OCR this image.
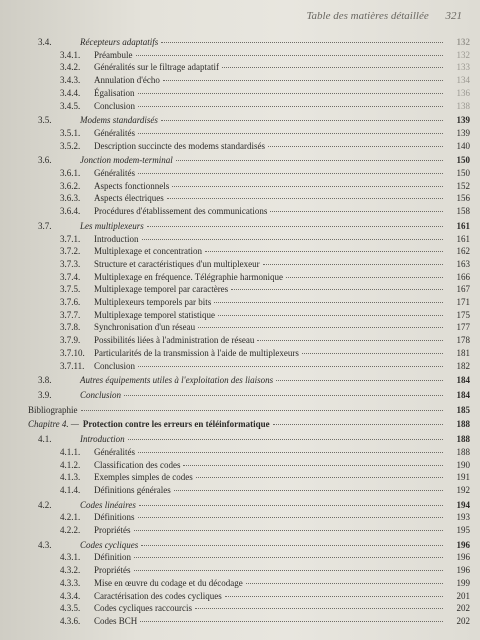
Table des matières détaillée 321
3.4.	Récepteurs adaptatifs	132
3.4.1.	Préambule	132
3.4.2.	Généralités sur le filtrage adaptatif	133
3.4.3.	Annulation d'écho	134
3.4.4.	Égalisation	136
3.4.5.	Conclusion	138
3.5.	Modems standardisés	139
3.5.1.	Généralités	139
3.5.2.	Description succincte des modems standardisés	140
3.6.	Jonction modem-terminal	150
3.6.1.	Généralités	150
3.6.2.	Aspects fonctionnels	152
3.6.3.	Aspects électriques	156
3.6.4.	Procédures d'établissement des communications	158
3.7.	Les multiplexeurs	161
3.7.1.	Introduction	161
3.7.2.	Multiplexage et concentration	162
3.7.3.	Structure et caractéristiques d'un multiplexeur	163
3.7.4.	Multiplexage en fréquence. Télégraphie harmonique	166
3.7.5.	Multiplexage temporel par caractères	167
3.7.6.	Multiplexeurs temporels par bits	171
3.7.7.	Multiplexage temporel statistique	175
3.7.8.	Synchronisation d'un réseau	177
3.7.9.	Possibilités liées à l'administration de réseau	178
3.7.10.	Particularités de la transmission à l'aide de multiplexeurs	181
3.7.11.	Conclusion	182
3.8.	Autres équipements utiles à l'exploitation des liaisons	184
3.9.	Conclusion	184
Bibliographie	185
Chapitre 4. — Protection contre les erreurs en téléinformatique	188
4.1.	Introduction	188
4.1.1.	Généralités	188
4.1.2.	Classification des codes	190
4.1.3.	Exemples simples de codes	191
4.1.4.	Définitions générales	192
4.2.	Codes linéaires	194
4.2.1.	Définitions	193
4.2.2.	Propriétés	195
4.3.	Codes cycliques	196
4.3.1.	Définition	196
4.3.2.	Propriétés	196
4.3.3.	Mise en œuvre du codage et du décodage	199
4.3.4.	Caractérisation des codes cycliques	201
4.3.5.	Codes cycliques raccourcis	202
4.3.6.	Codes BCH	202
